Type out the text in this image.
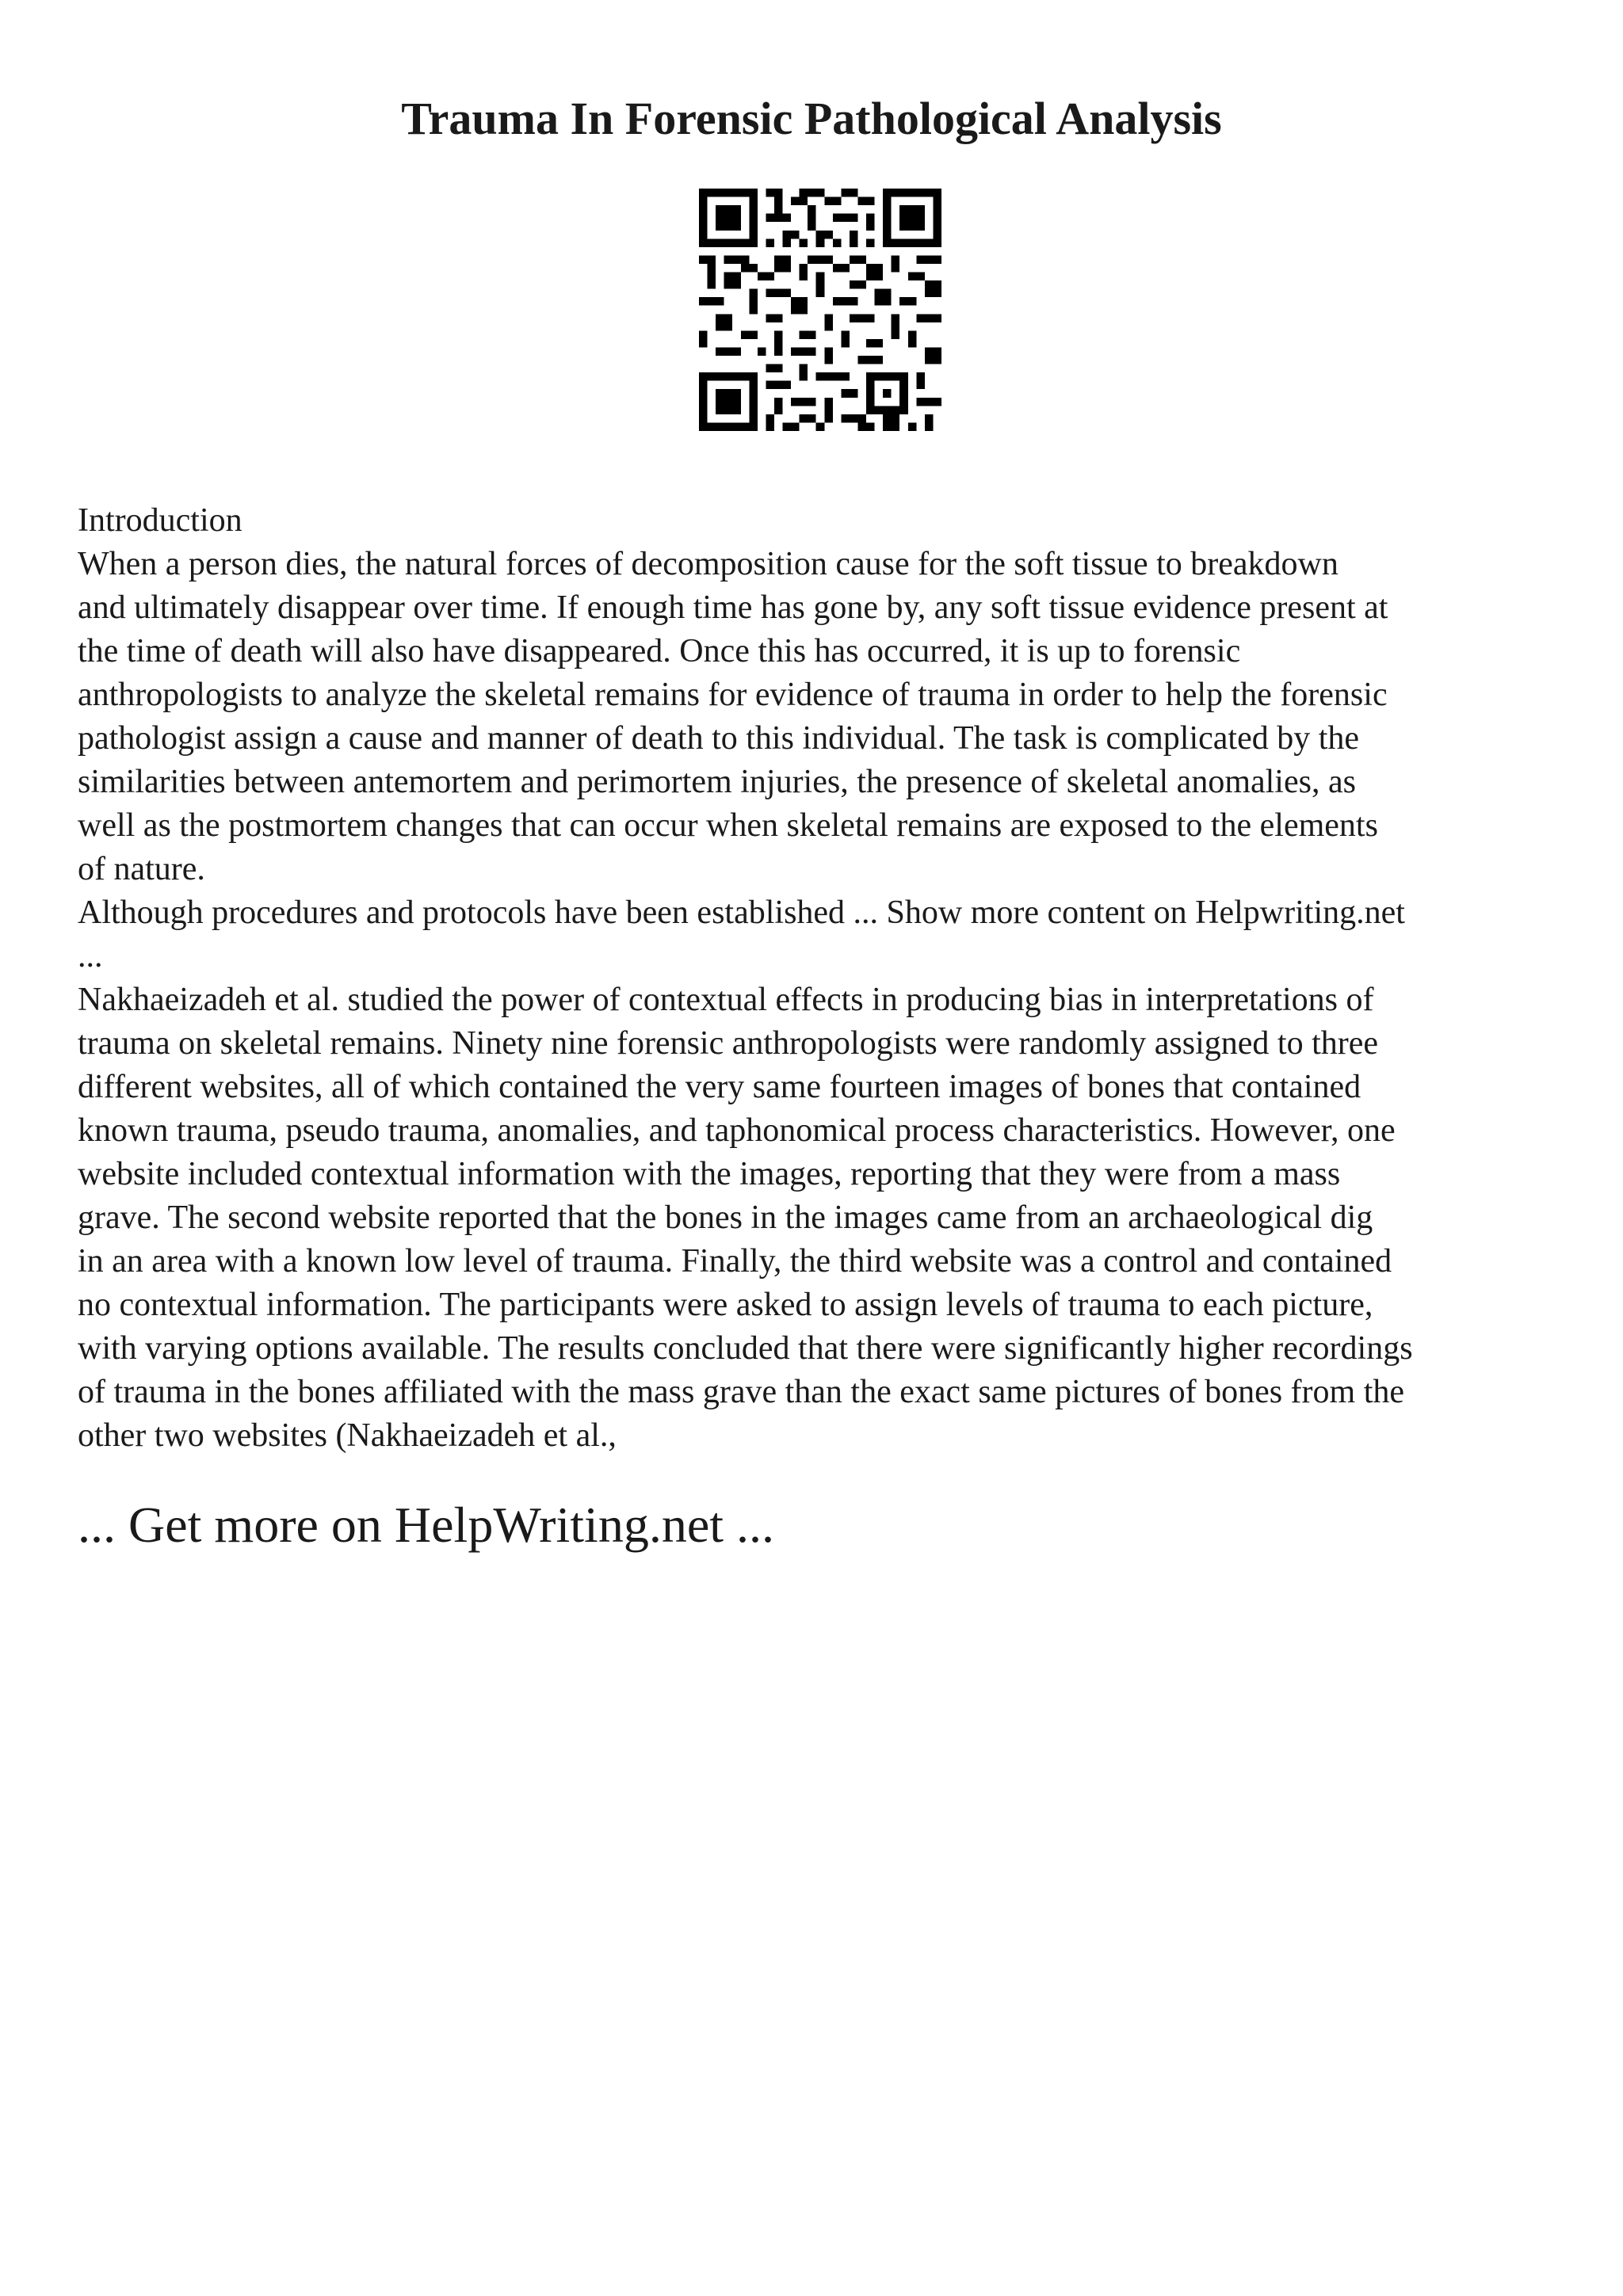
Trauma In Forensic Pathological Analysis

Introduction

When a person dies, the natural forces of decomposition cause for the soft tissue to breakdown
and ultimately disappear over time. If enough time has gone by, any soft tissue evidence present at
the time of death will also have disappeared. Once this has occurred, it is up to forensic
anthropologists to analyze the skeletal remains for evidence of trauma in order to help the forensic
pathologist assign a cause and manner of death to this individual. The task is complicated by the
similarities between antemortem and perimortem injuries, the presence of skeletal anomalies, as
well as the postmortem changes that can occur when skeletal remains are exposed to the elements
of nature.

Although procedures and protocols have been established ... Show more content on Helpwriting.net
...

Nakhaeizadeh et al. studied the power of contextual effects in producing bias in interpretations of
trauma on skeletal remains. Ninety nine forensic anthropologists were randomly assigned to three
different websites, all of which contained the very same fourteen images of bones that contained
known trauma, pseudo trauma, anomalies, and taphonomical process characteristics. However, one
website included contextual information with the images, reporting that they were from a mass
grave. The second website reported that the bones in the images came from an archaeological dig
in an area with a known low level of trauma. Finally, the third website was a control and contained
no contextual information. The participants were asked to assign levels of trauma to each picture,
with varying options available. The results concluded that there were significantly higher recordings
of trauma in the bones affiliated with the mass grave than the exact same pictures of bones from the
other two websites (Nakhaeizadeh et al.,

... Get more on HelpWriting.net ...
